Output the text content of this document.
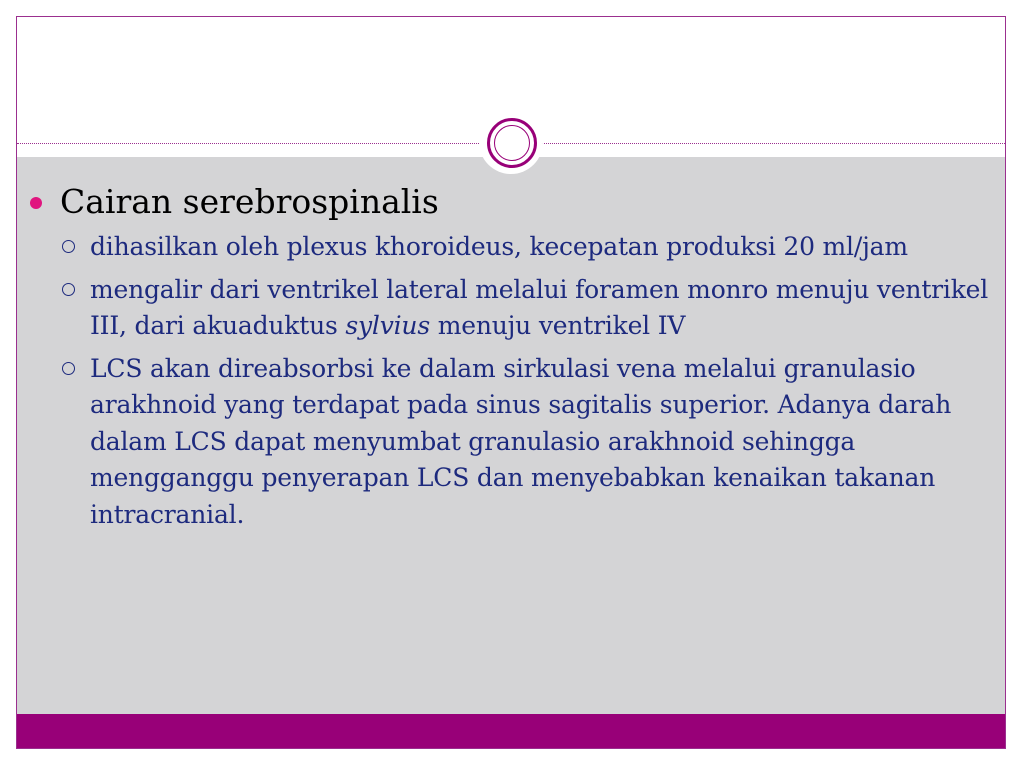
Cairan serebrospinalis
dihasilkan oleh plexus khoroideus, kecepatan produksi 20 ml/jam
mengalir dari ventrikel lateral melalui foramen monro menuju ventrikel III, dari akuaduktus sylvius menuju ventrikel IV
LCS akan direabsorbsi ke dalam sirkulasi vena melalui granulasio arakhnoid yang terdapat pada sinus sagitalis superior. Adanya darah dalam LCS dapat menyumbat granulasio arakhnoid sehingga mengganggu penyerapan LCS dan menyebabkan kenaikan takanan intracranial.
